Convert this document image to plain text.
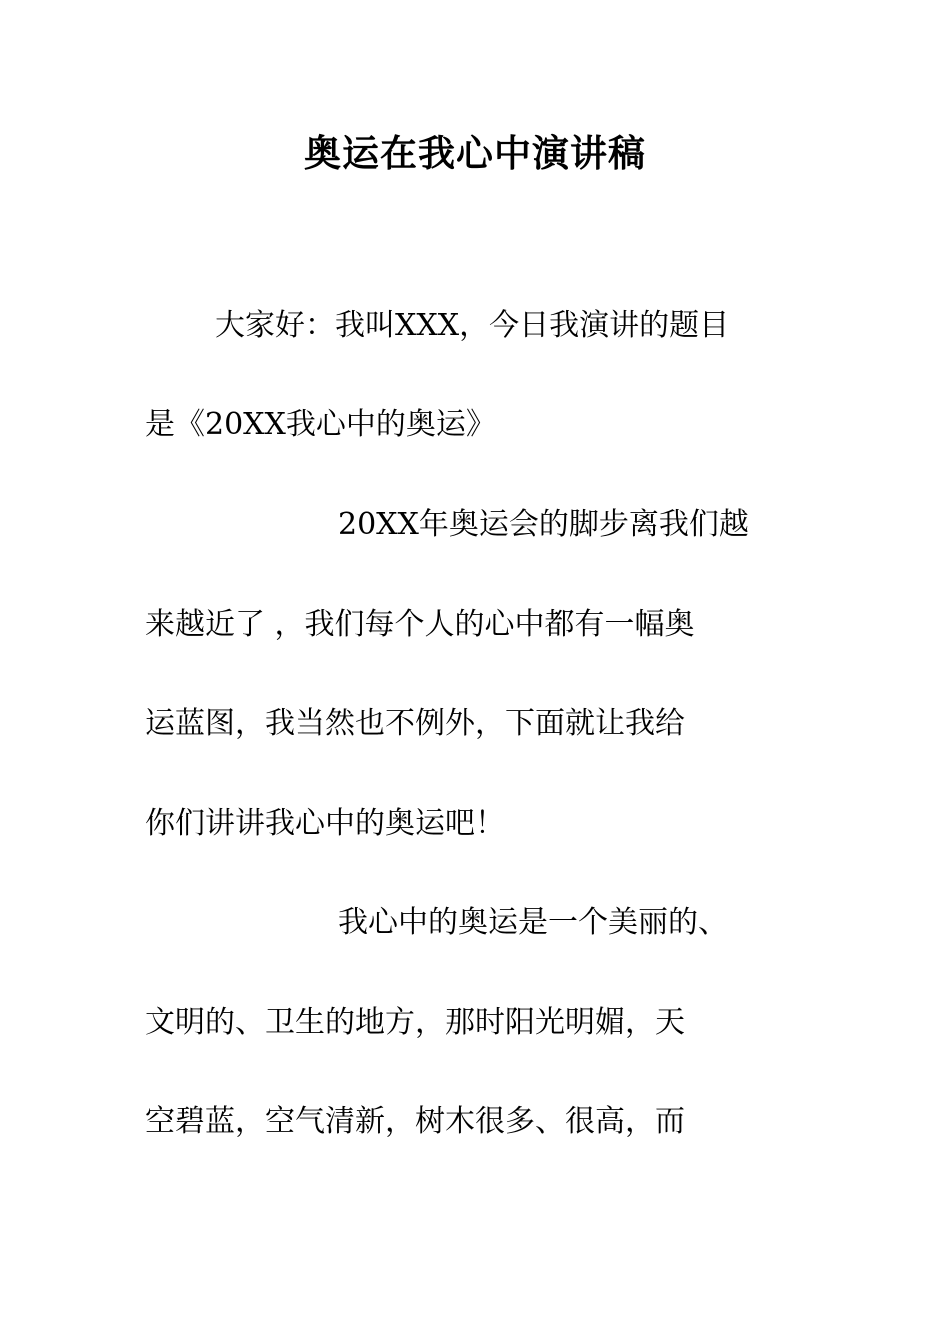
奥运在我心中演讲稿
大家好：我叫XXX，今日我演讲的题目
是《20XX我心中的奥运》
20XX年奥运会的脚步离我们越
来越近了 ，我们每个人的心中都有一幅奥
运蓝图，我当然也不例外，下面就让我给
你们讲讲我心中的奥运吧！
我心中的奥运是一个美丽的、
文明的、卫生的地方，那时阳光明媚，天
空碧蓝，空气清新，树木很多、很高，而
